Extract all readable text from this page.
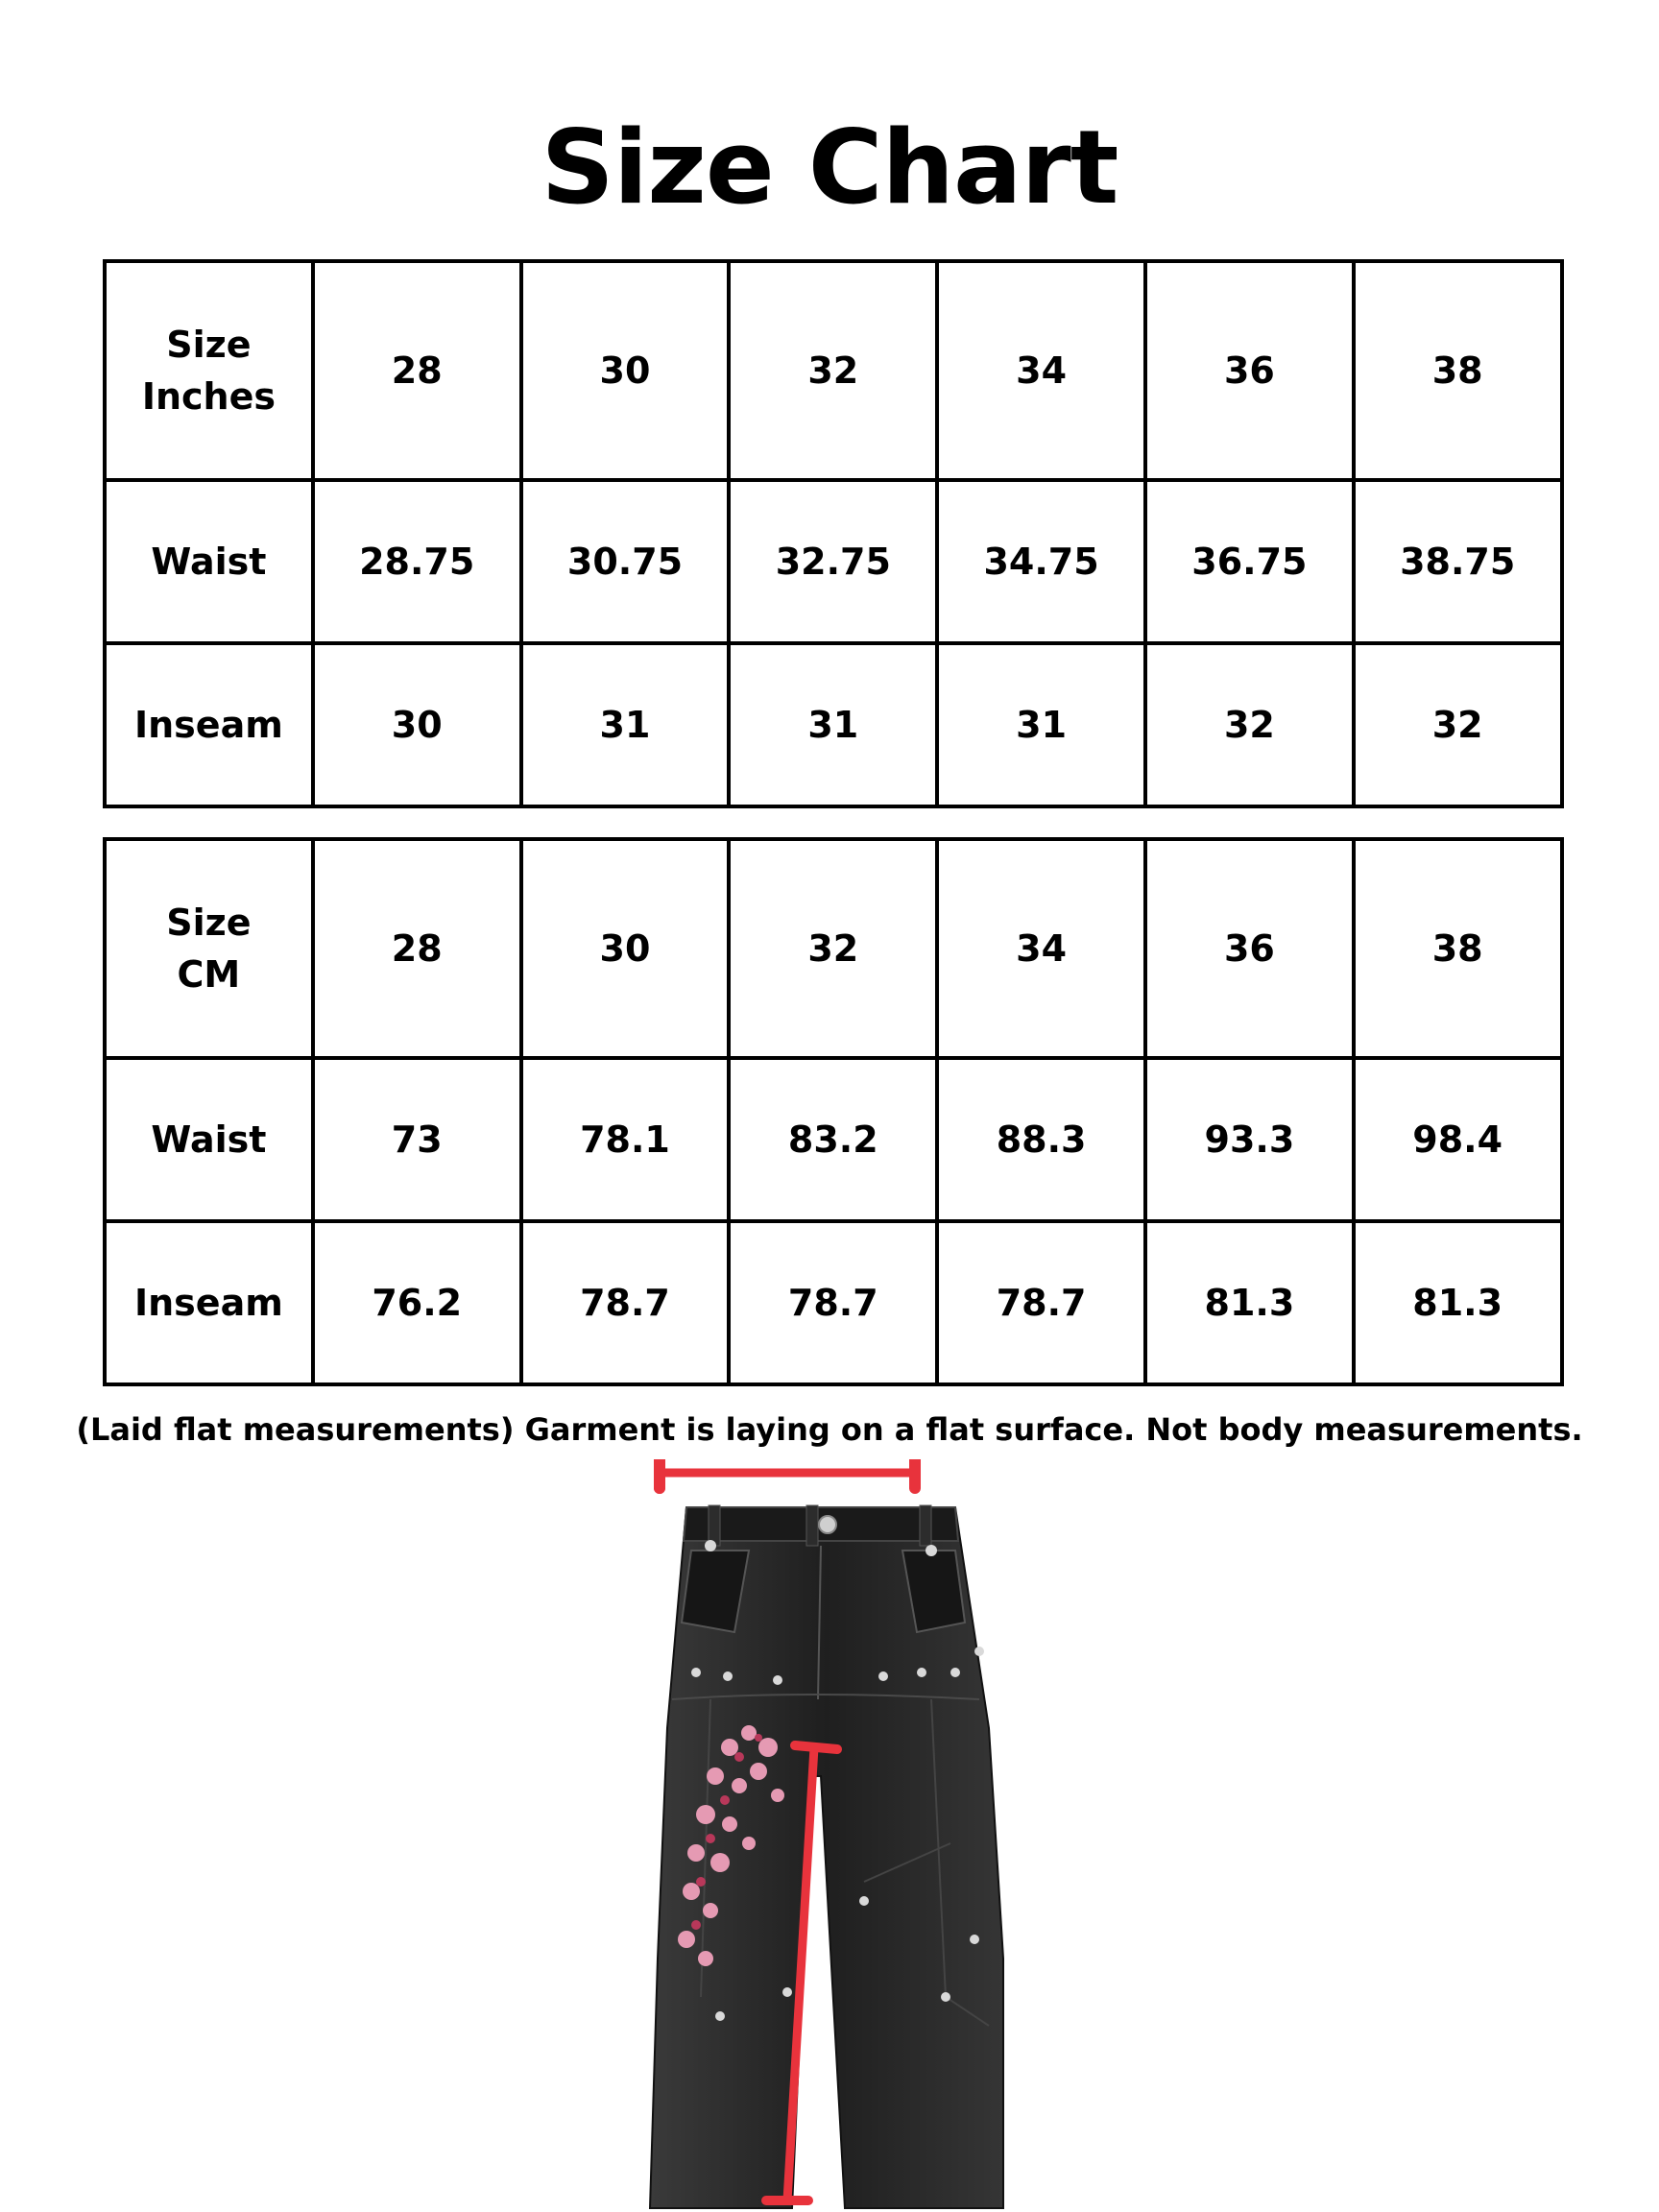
Size Chart
Size
Inches	28	30	32	34	36	38
Waist	28.75	30.75	32.75	34.75	36.75	38.75
Inseam	30	31	31	31	32	32
Size
CM	28	30	32	34	36	38
Waist	73	78.1	83.2	88.3	93.3	98.4
Inseam	76.2	78.7	78.7	78.7	81.3	81.3
(Laid flat measurements) Garment is laying on a flat surface. Not body measurements.
